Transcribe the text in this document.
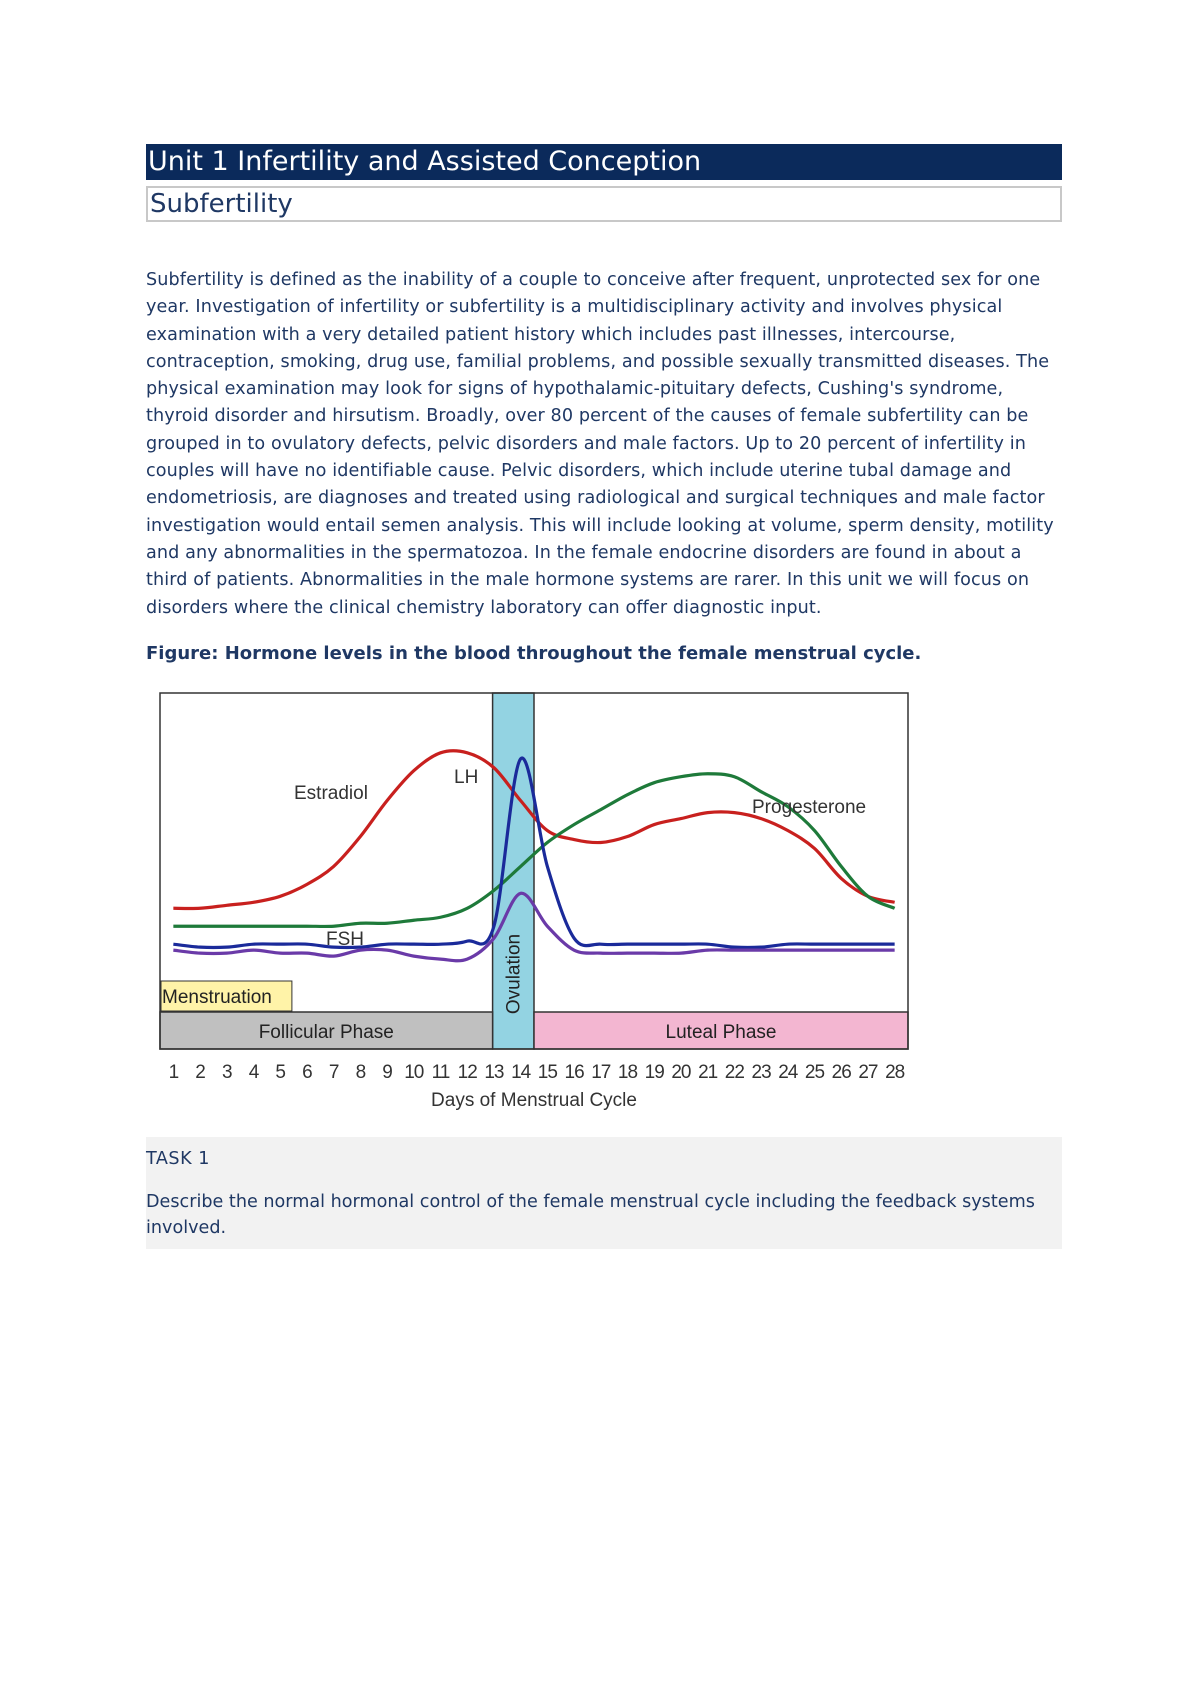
Unit 1 Infertility and Assisted Conception
Subfertility
Subfertility is defined as the inability of a couple to conceive after frequent, unprotected sex for one year. Investigation of infertility or subfertility is a multidisciplinary activity and involves physical examination with a very detailed patient history which includes past illnesses, intercourse, contraception, smoking, drug use, familial problems, and possible sexually transmitted diseases. The physical examination may look for signs of hypothalamic-pituitary defects, Cushing's syndrome, thyroid disorder and hirsutism. Broadly, over 80 percent of the causes of female subfertility can be grouped in to ovulatory defects, pelvic disorders and male factors. Up to 20 percent of infertility in couples will have no identifiable cause. Pelvic disorders, which include uterine tubal damage and endometriosis, are diagnoses and treated using radiological and surgical techniques and male factor investigation would entail semen analysis. This will include looking at volume, sperm density, motility and any abnormalities in the spermatozoa. In the female endocrine disorders are found in about a third of patients. Abnormalities in the male hormone systems are rarer. In this unit we will focus on disorders where the clinical chemistry laboratory can offer diagnostic input.
Figure: Hormone levels in the blood throughout the female menstrual cycle.
Estradiol
Progesterone
LH
FSH
Menstruation
Follicular Phase	Luteal Phase
Ovulation
1 2 3 4 5 6 7 8 9 10 11 12 13 14 15 16 17 18 19 20 21 22 23 24 25 26 27 28
Days of Menstrual Cycle
TASK 1
Describe the normal hormonal control of the female menstrual cycle including the feedback systems involved.
